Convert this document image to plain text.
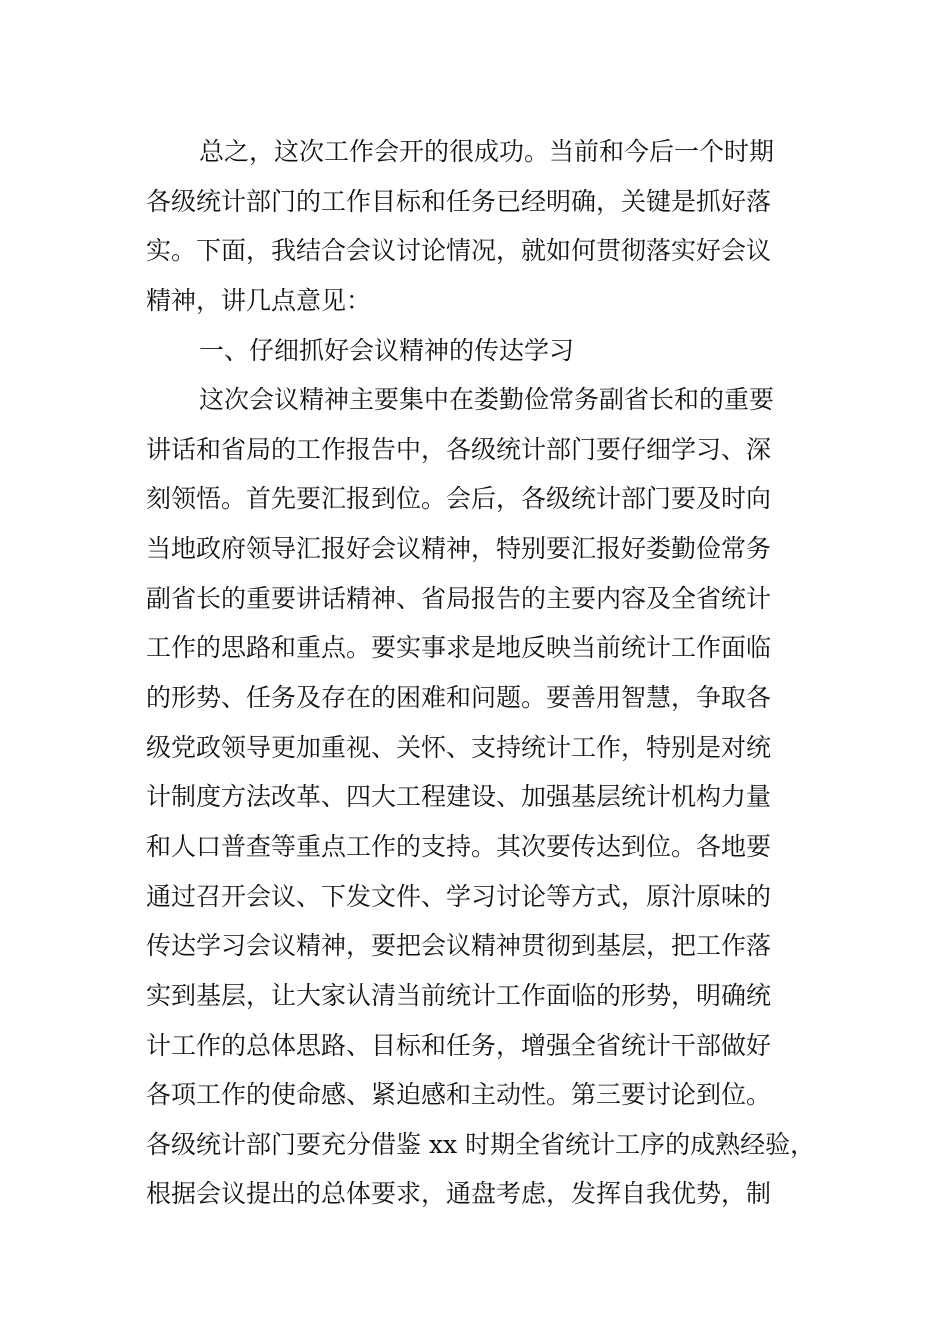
总之，这次工作会开的很成功。当前和今后一个时期
各级统计部门的工作目标和任务已经明确，关键是抓好落
实。下面，我结合会议讨论情况，就如何贯彻落实好会议
精神，讲几点意见：
一、仔细抓好会议精神的传达学习
这次会议精神主要集中在娄勤俭常务副省长和的重要
讲话和省局的工作报告中，各级统计部门要仔细学习、深
刻领悟。首先要汇报到位。会后，各级统计部门要及时向
当地政府领导汇报好会议精神，特别要汇报好娄勤俭常务
副省长的重要讲话精神、省局报告的主要内容及全省统计
工作的思路和重点。要实事求是地反映当前统计工作面临
的形势、任务及存在的困难和问题。要善用智慧，争取各
级党政领导更加重视、关怀、支持统计工作，特别是对统
计制度方法改革、四大工程建设、加强基层统计机构力量
和人口普查等重点工作的支持。其次要传达到位。各地要
通过召开会议、下发文件、学习讨论等方式，原汁原味的
传达学习会议精神，要把会议精神贯彻到基层，把工作落
实到基层，让大家认清当前统计工作面临的形势，明确统
计工作的总体思路、目标和任务，增强全省统计干部做好
各项工作的使命感、紧迫感和主动性。第三要讨论到位。
各级统计部门要充分借鉴 xx 时期全省统计工序的成熟经验，
根据会议提出的总体要求，通盘考虑，发挥自我优势，制
